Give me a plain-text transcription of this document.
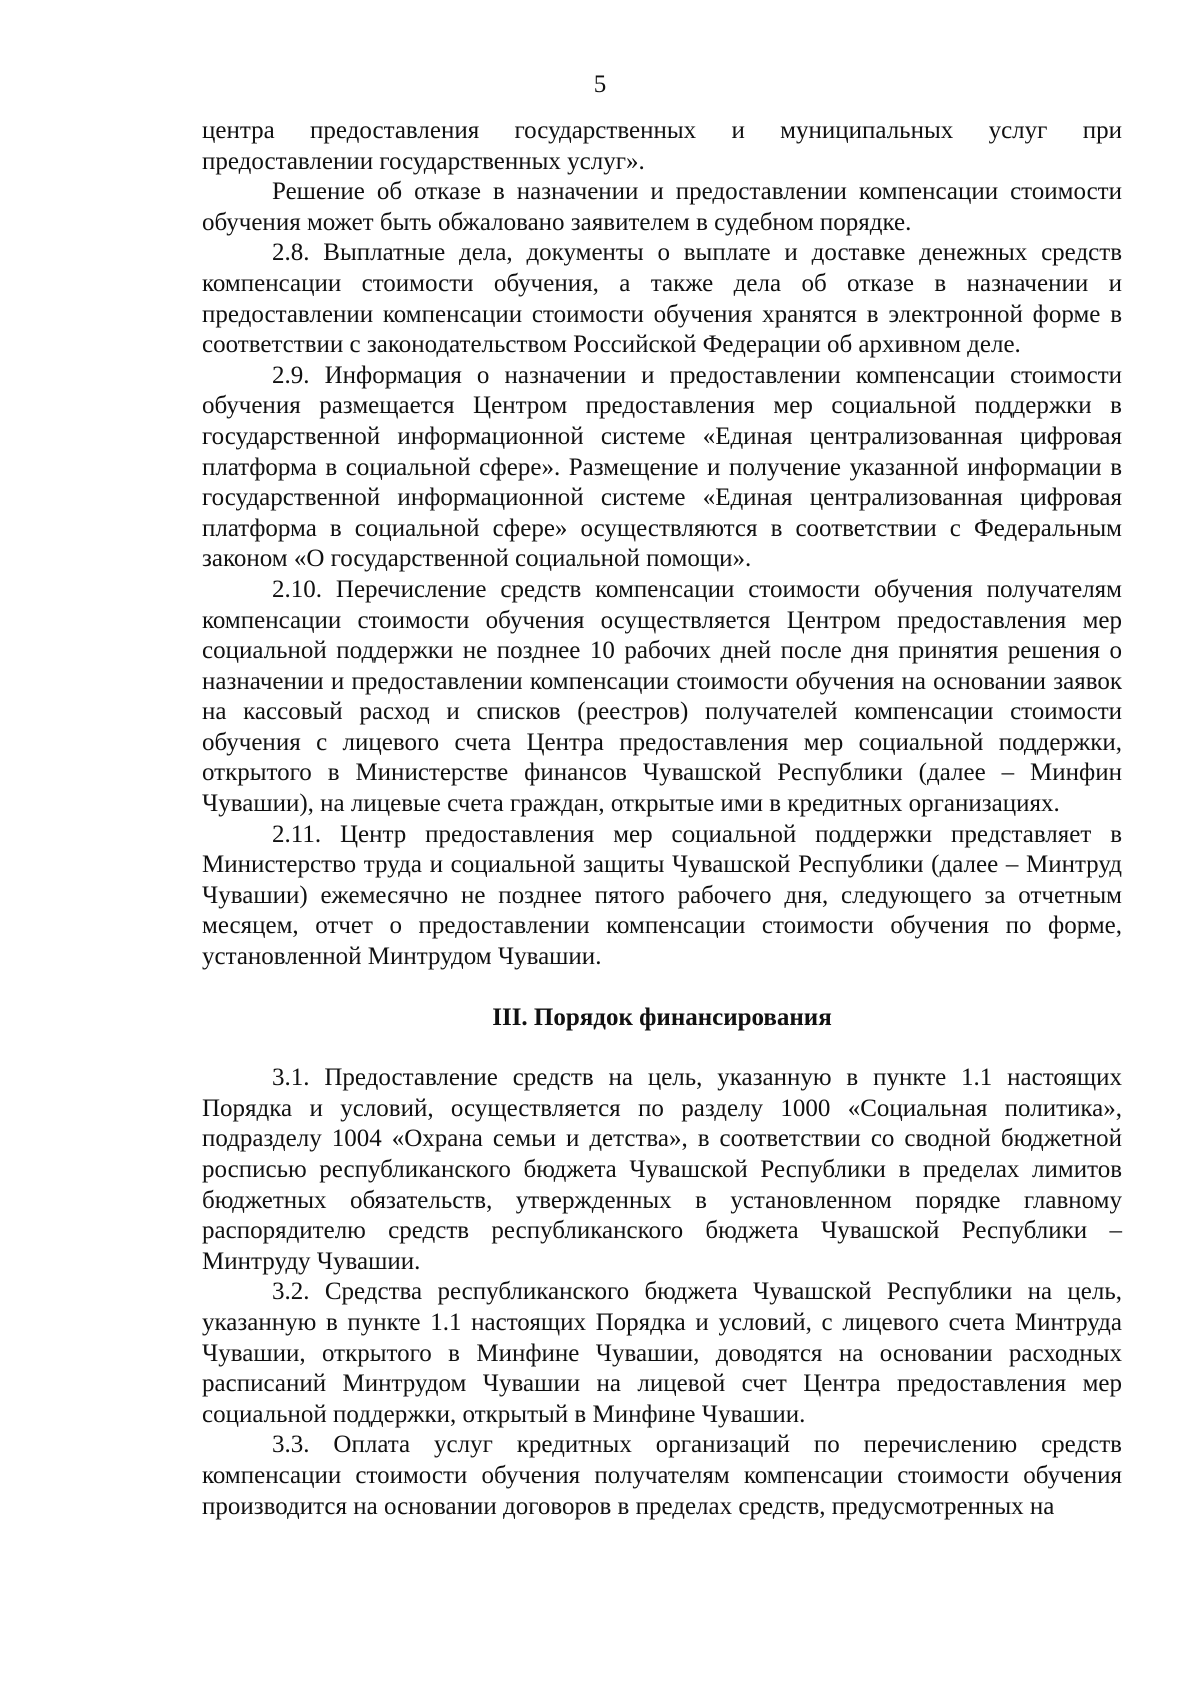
5

центра предоставления государственных и муниципальных услуг при предоставлении государственных услуг».

Решение об отказе в назначении и предоставлении компенсации стоимости обучения может быть обжаловано заявителем в судебном порядке.

2.8. Выплатные дела, документы о выплате и доставке денежных средств компенсации стоимости обучения, а также дела об отказе в назначении и предоставлении компенсации стоимости обучения хранятся в электронной форме в соответствии с законодательством Российской Федерации об архивном деле.

2.9. Информация о назначении и предоставлении компенсации стоимости обучения размещается Центром предоставления мер социальной поддержки в государственной информационной системе «Единая централизованная цифровая платформа в социальной сфере». Размещение и получение указанной информации в государственной информационной системе «Единая централизованная цифровая платформа в социальной сфере» осуществляются в соответствии с Федеральным законом «О государственной социальной помощи».

2.10. Перечисление средств компенсации стоимости обучения получателям компенсации стоимости обучения осуществляется Центром предоставления мер социальной поддержки не позднее 10 рабочих дней после дня принятия решения о назначении и предоставлении компенсации стоимости обучения на основании заявок на кассовый расход и списков (реестров) получателей компенсации стоимости обучения с лицевого счета Центра предоставления мер социальной поддержки, открытого в Министерстве финансов Чувашской Республики (далее – Минфин Чувашии), на лицевые счета граждан, открытые ими в кредитных организациях.

2.11. Центр предоставления мер социальной поддержки представляет в Министерство труда и социальной защиты Чувашской Республики (далее – Минтруд Чувашии) ежемесячно не позднее пятого рабочего дня, следующего за отчетным месяцем, отчет о предоставлении компенсации стоимости обучения по форме, установленной Минтрудом Чувашии.

III. Порядок финансирования

3.1. Предоставление средств на цель, указанную в пункте 1.1 настоящих Порядка и условий, осуществляется по разделу 1000 «Социальная политика», подразделу 1004 «Охрана семьи и детства», в соответствии со сводной бюджетной росписью республиканского бюджета Чувашской Республики в пределах лимитов бюджетных обязательств, утвержденных в установленном порядке главному распорядителю средств республиканского бюджета Чувашской Республики – Минтруду Чувашии.

3.2. Средства республиканского бюджета Чувашской Республики на цель, указанную в пункте 1.1 настоящих Порядка и условий, с лицевого счета Минтруда Чувашии, открытого в Минфине Чувашии, доводятся на основании расходных расписаний Минтрудом Чувашии на лицевой счет Центра предоставления мер социальной поддержки, открытый в Минфине Чувашии.

3.3. Оплата услуг кредитных организаций по перечислению средств компенсации стоимости обучения получателям компенсации стоимости обучения производится на основании договоров в пределах средств, предусмотренных на
